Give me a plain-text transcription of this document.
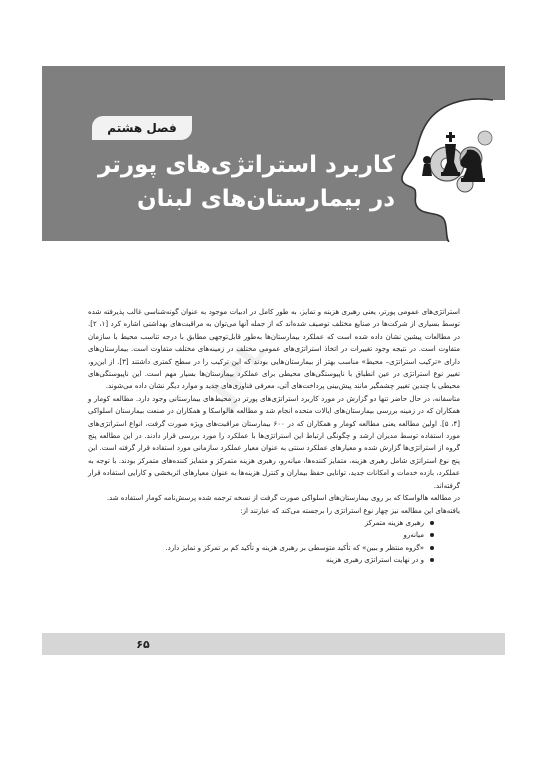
فصل هشتم
کاربرد استراتژی‌های پورتر
در بیمارستان‌های لبنان
JPL

استراتژی‌های عمومی پورتر، یعنی رهبری هزینه و تمایز، به طور کامل در ادبیات موجود به عنوان گونه‌شناسی غالب پذیرفته شده توسط بسیاری از شرکت‌ها در صنایع مختلف توصیف شده‌اند که از جمله آنها می‌توان به مراقبت‌های بهداشتی اشاره کرد [۱، ۲]. در مطالعات پیشین نشان داده شده است که عملکرد بیمارستان‌ها به‌طور قابل‌توجهی مطابق با درجه تناسب محیط با سازمان متفاوت است. در نتیجه وجود تغییرات در اتخاذ استراتژی‌های عمومی مختلف در زمینه‌های مختلف متفاوت است. بیمارستان‌های دارای «ترکیب استراتژی– محیط» مناسب بهتر از بیمارستان‌هایی بودند که این ترکیب را در سطح کمتری داشتند [۳]. از این‌رو، تغییر نوع استراتژی در عین انطباق با ناپیوستگی‌های محیطی برای عملکرد بیمارستان‌ها بسیار مهم است. این ناپیوستگی‌های محیطی با چندین تغییر چشمگیر مانند پیش‌بینی پرداخت‌های آتی، معرفی فناوری‌های جدید و موارد دیگر نشان داده می‌شوند.

متاسفانه، در حال حاضر تنها دو گزارش در مورد کاربرد استراتژی‌های پورتر در محیط‌های بیمارستانی وجود دارد. مطالعه کومار و همکاران که در زمینه بررسی بیمارستان‌های ایالات متحده انجام شد و مطالعه هالواسکا و همکاران در صنعت بیمارستان اسلواکی [۴، ۵]. اولین مطالعه یعنی مطالعه کومار و همکاران که در ۶۰۰ بیمارستان مراقبت‌های ویژه صورت گرفت، انواع استراتژی‌های مورد استفاده توسط مدیران ارشد و چگونگی ارتباط این استراتژی‌ها با عملکرد را مورد بررسی قرار دادند. در این مطالعه پنج گروه از استراتژی‌ها گزارش شده و معیارهای عملکرد سنتی به عنوان معیار عملکرد سازمانی مورد استفاده قرار گرفته است. این پنج نوع استراتژی شامل رهبری هزینه، متمایز کننده‌ها، میانه‌رو، رهبری هزینه متمرکز و متمایز کننده‌های متمرکز بودند. با توجه به عملکرد، بازده خدمات و امکانات جدید، توانایی حفظ بیماران و کنترل هزینه‌ها به عنوان معیارهای اثربخشی و کارایی استفاده قرار گرفته‌اند.

در مطالعه هالواسکا که بر روی بیمارستان‌های اسلواکی صورت گرفت از نسخه ترجمه شده پرسش‌نامه کومار استفاده شد.

یافته‌های این مطالعه نیز چهار نوع استراتژی را برجسته می‌کند که عبارتند از:

رهبری هزینه متمرکز
میانه‌رو
«گروه منتظر و ببین» که تأکید متوسطی بر رهبری هزینه و تأکید کم بر تمرکز و تمایز دارد.
و در نهایت استراتژی رهبری هزینه
۶۵
